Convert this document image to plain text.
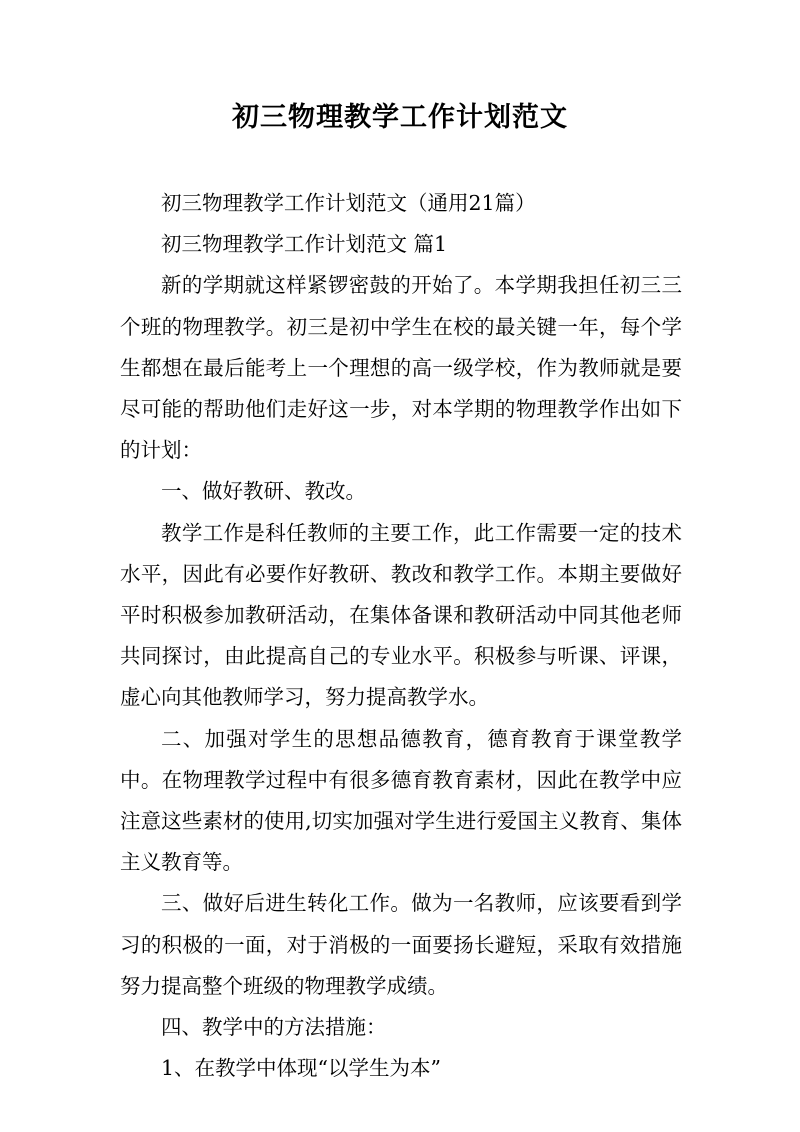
初三物理教学工作计划范文

初三物理教学工作计划范文（通用21篇）

初三物理教学工作计划范文 篇1

新的学期就这样紧锣密鼓的开始了。本学期我担任初三三个班的物理教学。初三是初中学生在校的最关键一年，每个学生都想在最后能考上一个理想的高一级学校，作为教师就是要尽可能的帮助他们走好这一步，对本学期的物理教学作出如下的计划：

一、做好教研、教改。

教学工作是科任教师的主要工作，此工作需要一定的技术水平，因此有必要作好教研、教改和教学工作。本期主要做好平时积极参加教研活动，在集体备课和教研活动中同其他老师共同探讨，由此提高自己的专业水平。积极参与听课、评课，虚心向其他教师学习，努力提高教学水。

二、加强对学生的思想品德教育，德育教育于课堂教学中。在物理教学过程中有很多德育教育素材，因此在教学中应注意这些素材的使用,切实加强对学生进行爱国主义教育、集体主义教育等。

三、做好后进生转化工作。做为一名教师，应该要看到学习的积极的一面，对于消极的一面要扬长避短，采取有效措施努力提高整个班级的物理教学成绩。

四、教学中的方法措施：

1、在教学中体现“以学生为本”
